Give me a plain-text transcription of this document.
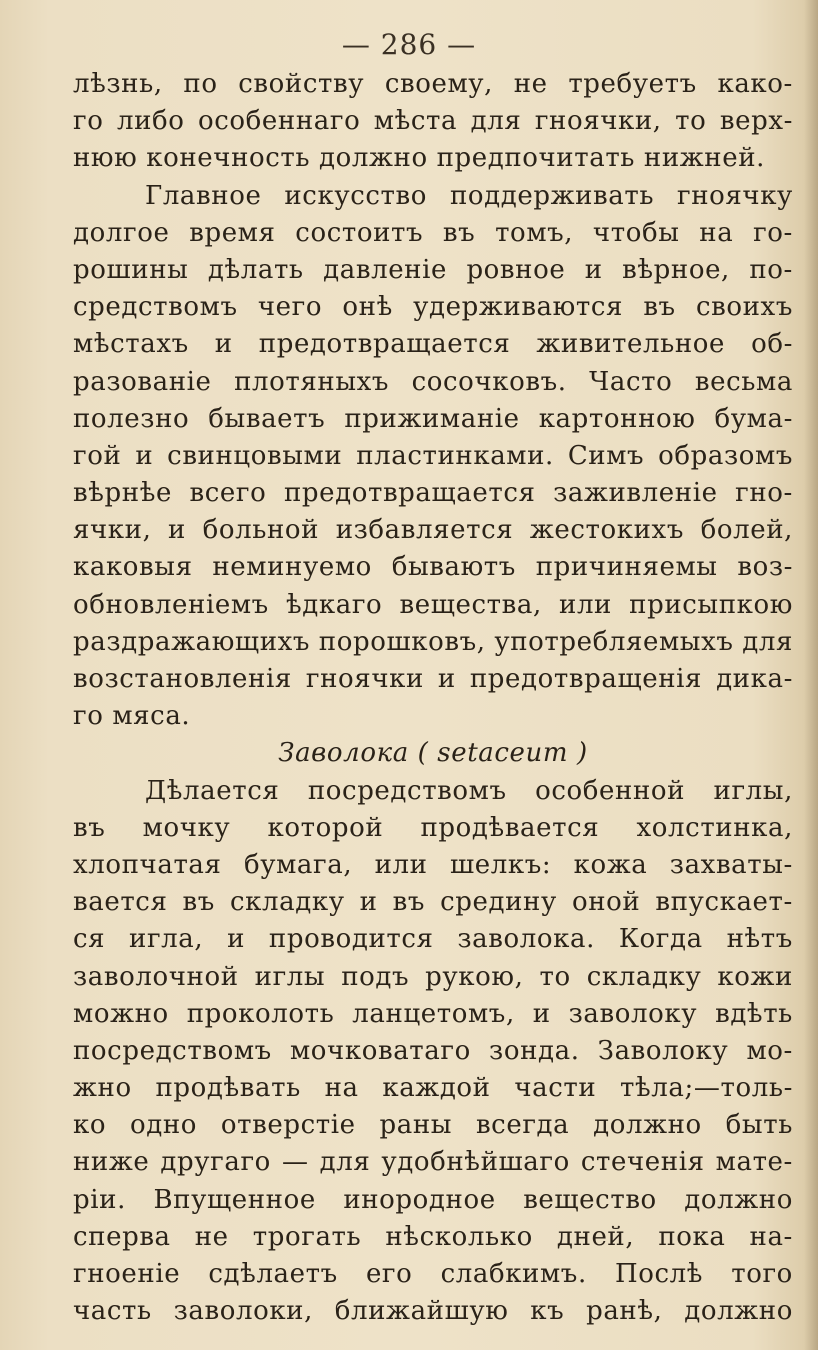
— 286 —
лѣзнь, по свойству своему, не требуетъ како-
го либо особеннаго мѣста для гноячки, то верх-
нюю конечность должно предпочитать нижней.
Главное искусство поддерживать гноячку
долгое время состоитъ въ томъ, чтобы на го-
рошины дѣлать давленіе ровное и вѣрное, по-
средствомъ чего онѣ удерживаются въ своихъ
мѣстахъ и предотвращается живительное об-
разованіе плотяныхъ сосочковъ. Часто весьма
полезно бываетъ прижиманіе картонною бума-
гой и свинцовыми пластинками. Симъ образомъ
вѣрнѣе всего предотвращается заживленіе гно-
ячки, и больной избавляется жестокихъ болей,
каковыя неминуемо бываютъ причиняемы воз-
обновленіемъ ѣдкаго вещества, или присыпкою
раздражающихъ порошковъ, употребляемыхъ для
возстановленія гноячки и предотвращенія дика-
го мяса.
Заволока ( setaceum )
Дѣлается посредствомъ особенной иглы,
въ мочку которой продѣвается холстинка,
хлопчатая бумага, или шелкъ: кожа захваты-
вается въ складку и въ средину оной впускает-
ся игла, и проводится заволока. Когда нѣтъ
заволочной иглы подъ рукою, то складку кожи
можно проколоть ланцетомъ, и заволоку вдѣть
посредствомъ мочковатаго зонда. Заволоку мо-
жно продѣвать на каждой части тѣла;—толь-
ко одно отверстіе раны всегда должно быть
ниже другаго — для удобнѣйшаго стеченія мате-
ріи. Впущенное инородное вещество должно
сперва не трогать нѣсколько дней, пока на-
гноеніе сдѣлаетъ его слабкимъ. Послѣ того
часть заволоки, ближайшую къ ранѣ, должно
